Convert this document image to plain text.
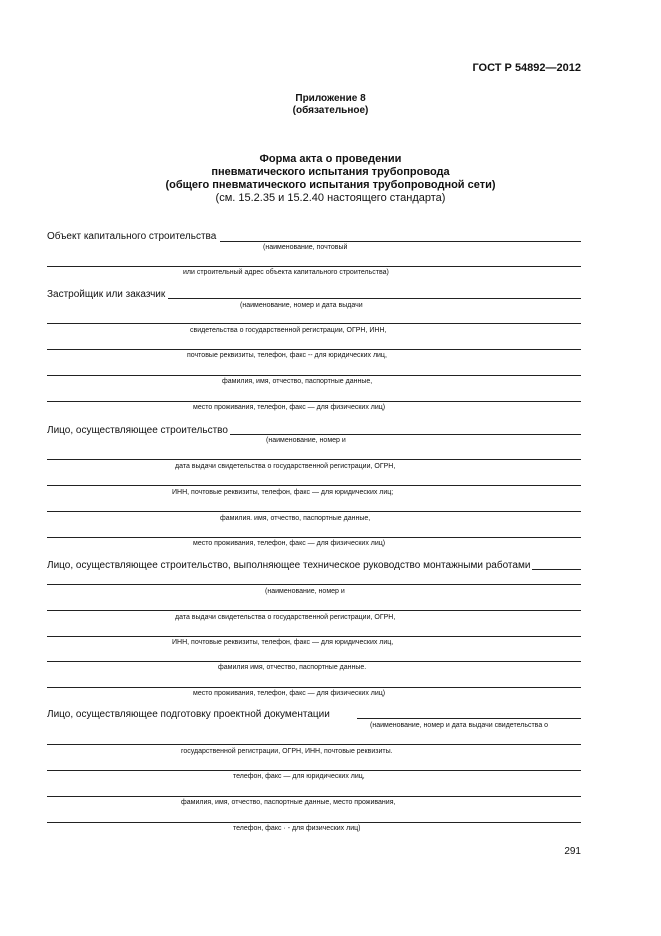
ГОСТ Р 54892—2012
Приложение 8
(обязательное)
Форма акта о проведении
пневматического испытания трубопровода
(общего пневматического испытания трубопроводной сети)
(см. 15.2.35 и 15.2.40 настоящего стандарта)
Объект капитального строительства
(наименование, почтовый
или строительный адрес объекта капитального строительства)
Застройщик или заказчик
(наименование, номер и дата выдачи
свидетельства о государственной регистрации, ОГРН, ИНН,
почтовые реквизиты, телефон, факс -- для юридических лиц,
фамилия, имя, отчество, паспортные данные,
место проживания, телефон, факс — для физических лиц)
Лицо, осуществляющее строительство
(наименование, номер и
дата выдачи свидетельства о государственной регистрации, ОГРН,
ИНН, почтовые реквизиты, телефон, факс — для юридических лиц;
фамилия. имя, отчество, паспортные данные,
место проживания, телефон, факс — для физических лиц)
Лицо, осуществляющее строительство, выполняющее техническое руководство монтажными работами
(наименование, номер и
дата выдачи свидетельства о государственной регистрации, ОГРН,
ИНН, почтовые реквизиты, телефон, факс — для юридических лиц,
фамилия имя, отчество, паспортные данные.
место проживания, телефон, факс — для физических лиц)
Лицо, осуществляющее подготовку проектной документации
(наименование, номер и дата выдачи свидетельства о
государственной регистрации, ОГРН, ИНН, почтовые реквизиты.
телефон, факс — для юридических лиц,
фамилия, имя, отчество, паспортные данные, место проживания,
телефон, факс · - для физических лиц)
291
